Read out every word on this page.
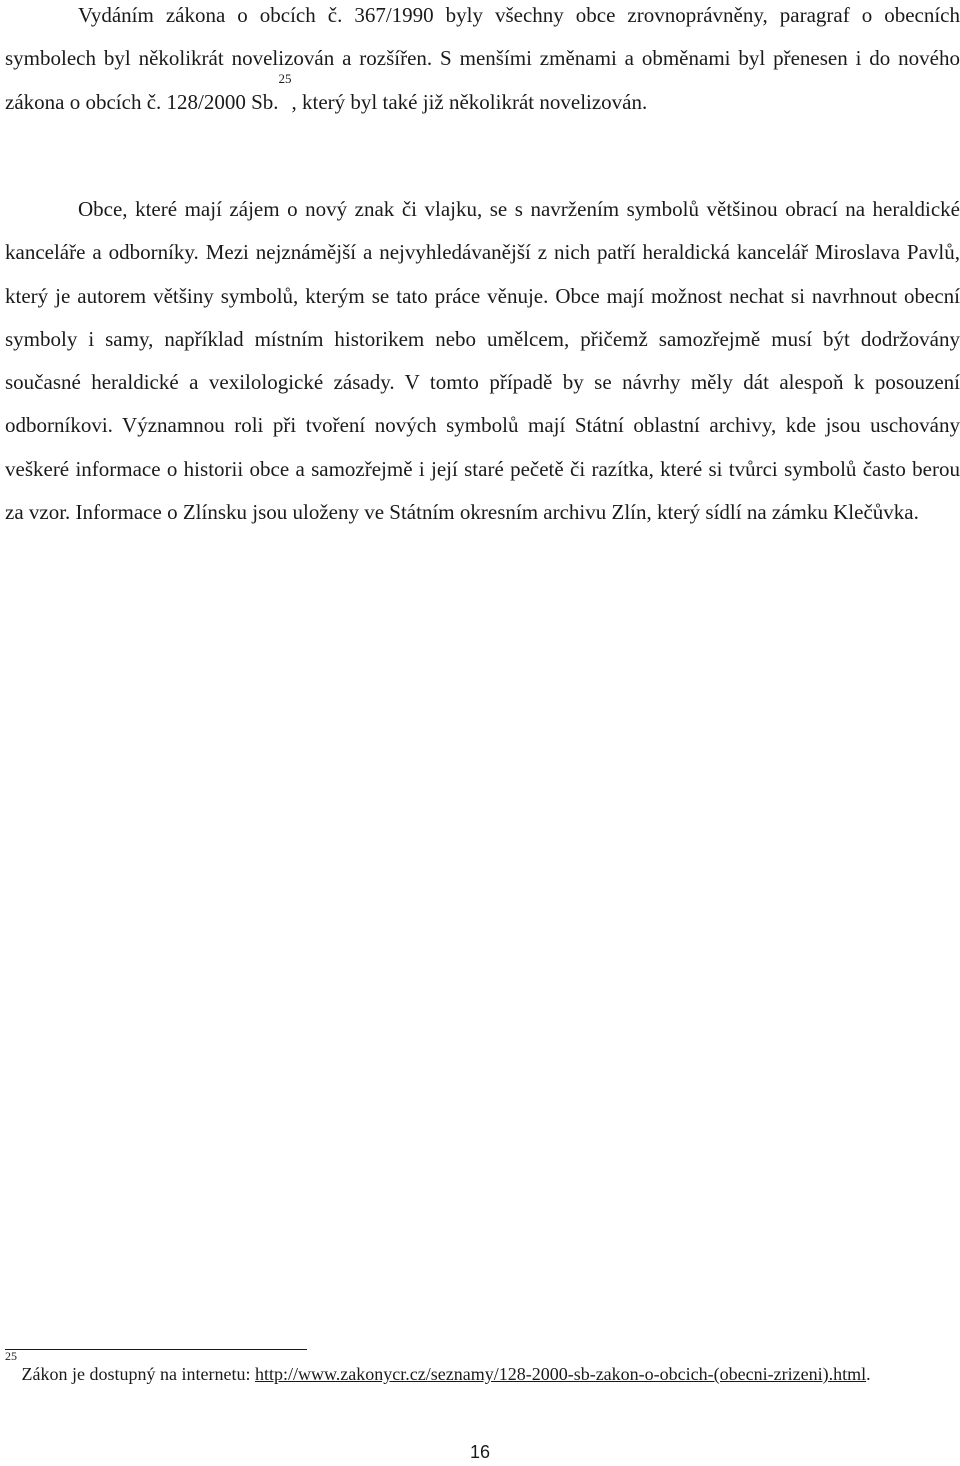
Vydáním zákona o obcích č. 367/1990 byly všechny obce zrovnoprávněny, paragraf o obecních symbolech byl několikrát novelizován a rozšířen. S menšími změnami a obměnami byl přenesen i do nového zákona o obcích č. 128/2000 Sb.$^{25}$, který byl také již několikrát novelizován.

Obce, které mají zájem o nový znak či vlajku, se s navržením symbolů většinou obrací na heraldické kanceláře a odborníky. Mezi nejznámější a nejvyhledávanější z nich patří heraldická kancelář Miroslava Pavlů, který je autorem většiny symbolů, kterým se tato práce věnuje. Obce mají možnost nechat si navrhnout obecní symboly i samy, například místním historikem nebo umělcem, přičemž samozřejmě musí být dodržovány současné heraldické a vexilologické zásady. V tomto případě by se návrhy měly dát alespoň k posouzení odborníkovi. Významnou roli při tvoření nových symbolů mají Státní oblastní archivy, kde jsou uschovány veškeré informace o historii obce a samozřejmě i její staré pečetě či razítka, které si tvůrci symbolů často berou za vzor. Informace o Zlínsku jsou uloženy ve Státním okresním archivu Zlín, který sídlí na zámku Klečůvka.

$^{25}$ Zákon je dostupný na internetu: http://www.zakonycr.cz/seznamy/128-2000-sb-zakon-o-obcich-(obecni-zrizeni).html.

16
